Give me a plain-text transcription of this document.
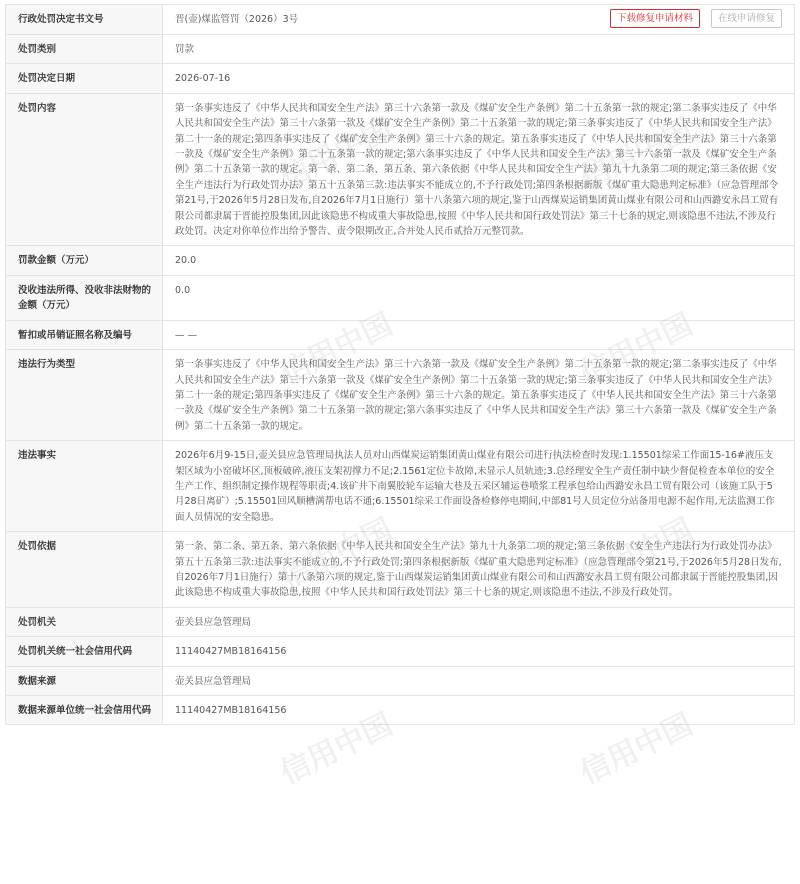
行政处罚决定书文号	晋(壶)煤监管罚（2026）3号 下载修复申请材料 在线申请修复

处罚类别	罚款
处罚决定日期	2026-07-16
处罚内容	第一条事实违反了《中华人民共和国安全生产法》第三十六条第一款及《煤矿安全生产条例》第二十五条第一款的规定;第二条事实违反了《中华人民共和国安全生产法》第三十六条第一款及《煤矿安全生产条例》第二十五条第一款的规定;第三条事实违反了《中华人民共和国安全生产法》第二十一条的规定;第四条事实违反了《煤矿安全生产条例》第三十六条的规定。第五条事实违反了《中华人民共和国安全生产法》第三十六条第一款及《煤矿安全生产条例》第二十五条第一款的规定;第六条事实违反了《中华人民共和国安全生产法》第三十六条第一款及《煤矿安全生产条例》第二十五条第一款的规定。第一条、第二条、第五条、第六条依据《中华人民共和国安全生产法》第九十九条第二项的规定;第三条依据《安全生产违法行为行政处罚办法》第五十五条第三款:违法事实不能成立的,不予行政处罚;第四条根据新版《煤矿重大隐患判定标准》（应急管理部令第21号,于2026年5月28日发布,自2026年7月1日施行）第十八条第六项的规定,鉴于山西煤炭运销集团黄山煤业有限公司和山西潞安永昌工贸有限公司都隶属于晋能控股集团,因此该隐患不构成重大事故隐患,按照《中华人民共和国行政处罚法》第三十七条的规定,则该隐患不违法,不涉及行政处罚。决定对你单位作出给予警告、责令限期改正,合并处人民币贰拾万元整罚款。
罚款金额（万元）	20.0
没收违法所得、没收非法财物的金额（万元）	0.0
暂扣或吊销证照名称及编号	— —
违法行为类型	第一条事实违反了《中华人民共和国安全生产法》第三十六条第一款及《煤矿安全生产条例》第二十五条第一款的规定;第二条事实违反了《中华人民共和国安全生产法》第三十六条第一款及《煤矿安全生产条例》第二十五条第一款的规定;第三条事实违反了《中华人民共和国安全生产法》第二十一条的规定;第四条事实违反了《煤矿安全生产条例》第三十六条的规定。第五条事实违反了《中华人民共和国安全生产法》第三十六条第一款及《煤矿安全生产条例》第二十五条第一款的规定;第六条事实违反了《中华人民共和国安全生产法》第三十六条第一款及《煤矿安全生产条例》第二十五条第一款的规定。
违法事实	2026年6月9-15日,壶关县应急管理局执法人员对山西煤炭运销集团黄山煤业有限公司进行执法检查时发现:1.15501综采工作面15-16#液压支架区域为小窑破坏区,顶板破碎,液压支架初撑力不足;2.1561定位卡故障,未显示人员轨迹;3.总经理安全生产责任制中缺少督促检查本单位的安全生产工作、组织制定操作规程等职责;4.该矿井下南翼胶轮车运输大巷及五采区辅运巷喷浆工程承包给山西潞安永昌工贸有限公司（该施工队于5月28日离矿）;5.15501回风顺槽满帮电话不通;6.15501综采工作面设备检修停电期间,中部81号人员定位分站备用电源不起作用,无法监测工作面人员情况的安全隐患。
处罚依据	第一条、第二条、第五条、第六条依据《中华人民共和国安全生产法》第九十九条第二项的规定;第三条依据《安全生产违法行为行政处罚办法》第五十五条第三款:违法事实不能成立的,不予行政处罚;第四条根据新版《煤矿重大隐患判定标准》（应急管理部令第21号,于2026年5月28日发布,自2026年7月1日施行）第十八条第六项的规定,鉴于山西煤炭运销集团黄山煤业有限公司和山西潞安永昌工贸有限公司都隶属于晋能控股集团,因此该隐患不构成重大事故隐患,按照《中华人民共和国行政处罚法》第三十七条的规定,则该隐患不违法,不涉及行政处罚。
处罚机关	壶关县应急管理局
处罚机关统一社会信用代码	11140427MB18164156
数据来源	壶关县应急管理局
数据来源单位统一社会信用代码	11140427MB18164156
信用中国	信用中国
信用中国	信用中国
信用中国	信用中国
信用中国	信用中国
